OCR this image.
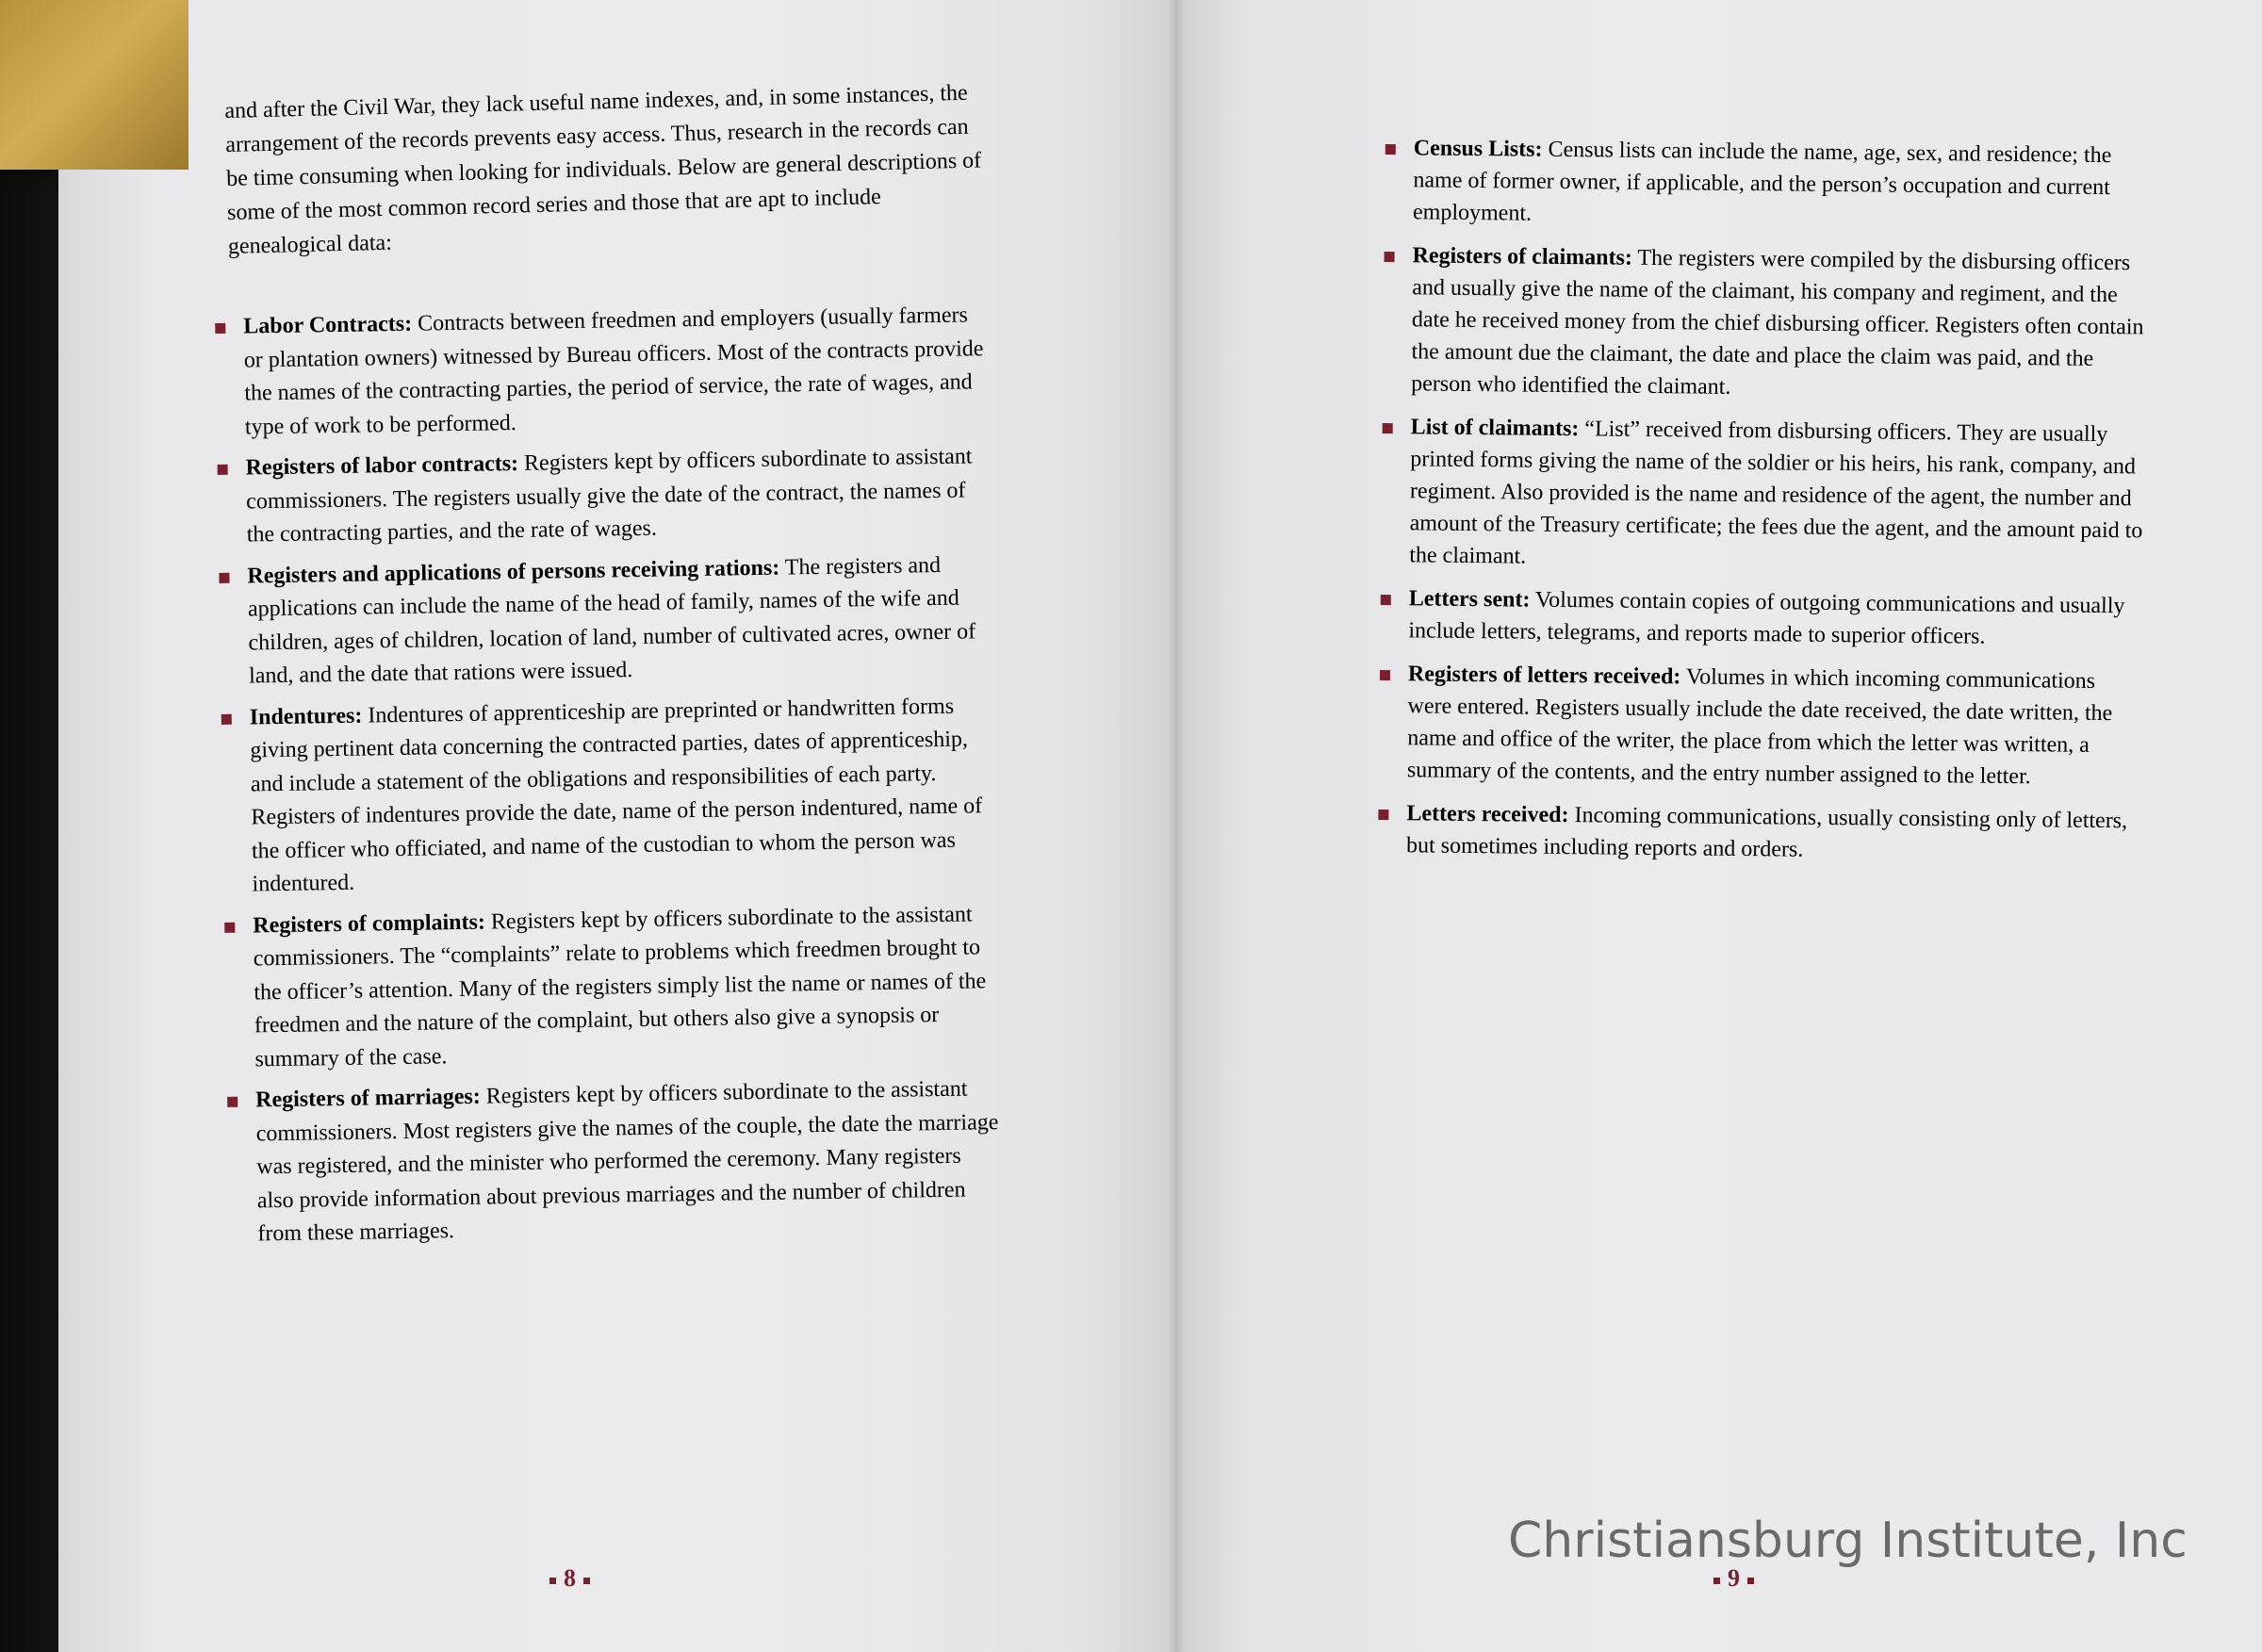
and after the Civil War, they lack useful name indexes, and, in some instances, the arrangement of the records prevents easy access. Thus, research in the records can be time consuming when looking for individuals. Below are general descriptions of some of the most common record series and those that are apt to include genealogical data:

Labor Contracts: Contracts between freedmen and employers (usually farmers or plantation owners) witnessed by Bureau officers. Most of the contracts provide the names of the contracting parties, the period of service, the rate of wages, and type of work to be performed.
Registers of labor contracts: Registers kept by officers subordinate to assistant commissioners. The registers usually give the date of the contract, the names of the contracting parties, and the rate of wages.
Registers and applications of persons receiving rations: The registers and applications can include the name of the head of family, names of the wife and children, ages of children, location of land, number of cultivated acres, owner of land, and the date that rations were issued.
Indentures: Indentures of apprenticeship are preprinted or handwritten forms giving pertinent data concerning the contracted parties, dates of apprenticeship, and include a statement of the obligations and responsibilities of each party. Registers of indentures provide the date, name of the person indentured, name of the officer who officiated, and name of the custodian to whom the person was indentured.
Registers of complaints: Registers kept by officers subordinate to the assistant commissioners. The “complaints” relate to problems which freedmen brought to the officer’s attention. Many of the registers simply list the name or names of the freedmen and the nature of the complaint, but others also give a synopsis or summary of the case.
Registers of marriages: Registers kept by officers subordinate to the assistant commissioners. Most registers give the names of the couple, the date the marriage was registered, and the minister who performed the ceremony. Many registers also provide information about previous marriages and the number of children from these marriages.
8
Census Lists: Census lists can include the name, age, sex, and residence; the name of former owner, if applicable, and the person’s occupation and current employment.
Registers of claimants: The registers were compiled by the disbursing officers and usually give the name of the claimant, his company and regiment, and the date he received money from the chief disbursing officer. Registers often contain the amount due the claimant, the date and place the claim was paid, and the person who identified the claimant.
List of claimants: “List” received from disbursing officers. They are usually printed forms giving the name of the soldier or his heirs, his rank, company, and regiment. Also provided is the name and residence of the agent, the number and amount of the Treasury certificate; the fees due the agent, and the amount paid to the claimant.
Letters sent: Volumes contain copies of outgoing communications and usually include letters, telegrams, and reports made to superior officers.
Registers of letters received: Volumes in which incoming communications were entered. Registers usually include the date received, the date written, the name and office of the writer, the place from which the letter was written, a summary of the contents, and the entry number assigned to the letter.
Letters received: Incoming communications, usually consisting only of letters, but sometimes including reports and orders.
9
Christiansburg Institute, Inc
